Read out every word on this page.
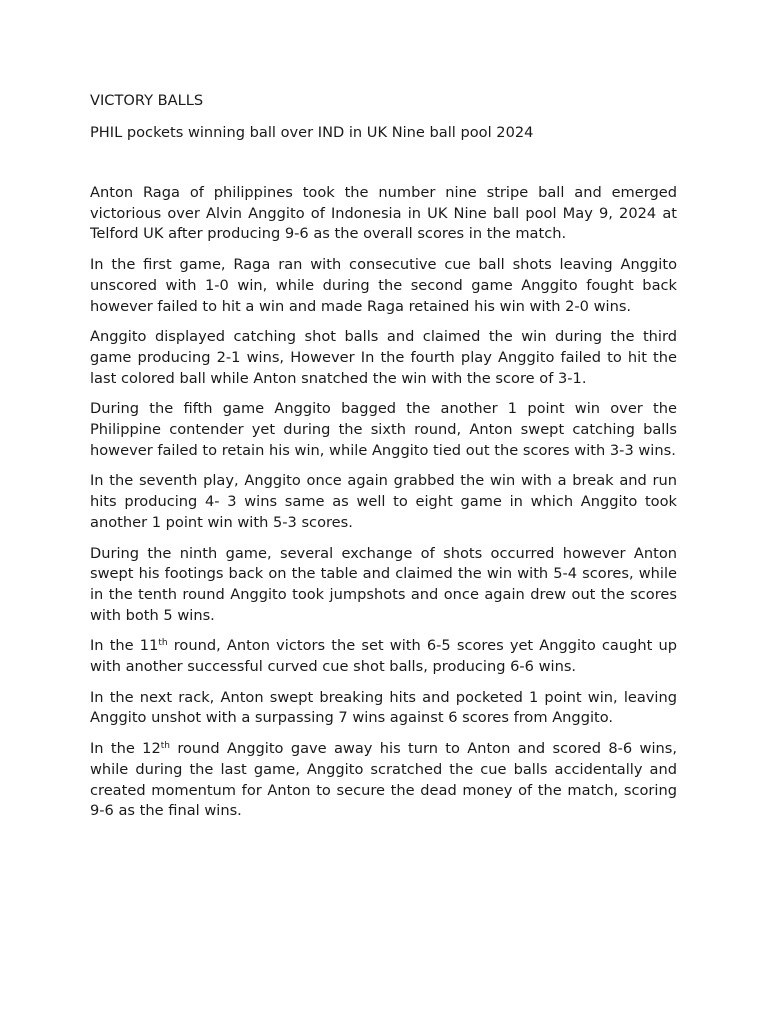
VICTORY BALLS

PHIL pockets winning ball over IND in UK Nine ball pool 2024

Anton Raga of philippines took the number nine stripe ball and emerged victorious over Alvin Anggito of Indonesia in UK Nine ball pool May 9, 2024 at Telford UK after producing 9-6 as the overall scores in the match.

In the first game, Raga ran with consecutive cue ball shots leaving Anggito unscored with 1-0 win, while during the second game Anggito fought back however failed to hit a win and made Raga retained his win with 2-0 wins.

Anggito displayed catching shot balls and claimed the win during the third game producing 2-1 wins, However In the fourth play Anggito failed to hit the last colored ball while Anton snatched the win with the score of 3-1.

During the fifth game Anggito bagged the another 1 point win over the Philippine contender yet during the sixth round, Anton swept catching balls however failed to retain his win, while Anggito tied out the scores with 3-3 wins.

In the seventh play, Anggito once again grabbed the win with a break and run hits producing 4- 3 wins same as well to eight game in which Anggito took another 1 point win with 5-3 scores.

During the ninth game, several exchange of shots occurred however Anton swept his footings back on the table and claimed the win with 5-4 scores, while in the tenth round Anggito took jumpshots and once again drew out the scores with both 5 wins.

In the 11th round, Anton victors the set with 6-5 scores yet Anggito caught up with another successful curved cue shot balls, producing 6-6 wins.

In the next rack, Anton swept breaking hits and pocketed 1 point win, leaving Anggito unshot with a surpassing 7 wins against 6 scores from Anggito.

In the 12th round Anggito gave away his turn to Anton and scored 8-6 wins, while during the last game, Anggito scratched the cue balls accidentally and created momentum for Anton to secure the dead money of the match, scoring 9-6 as the final wins.
